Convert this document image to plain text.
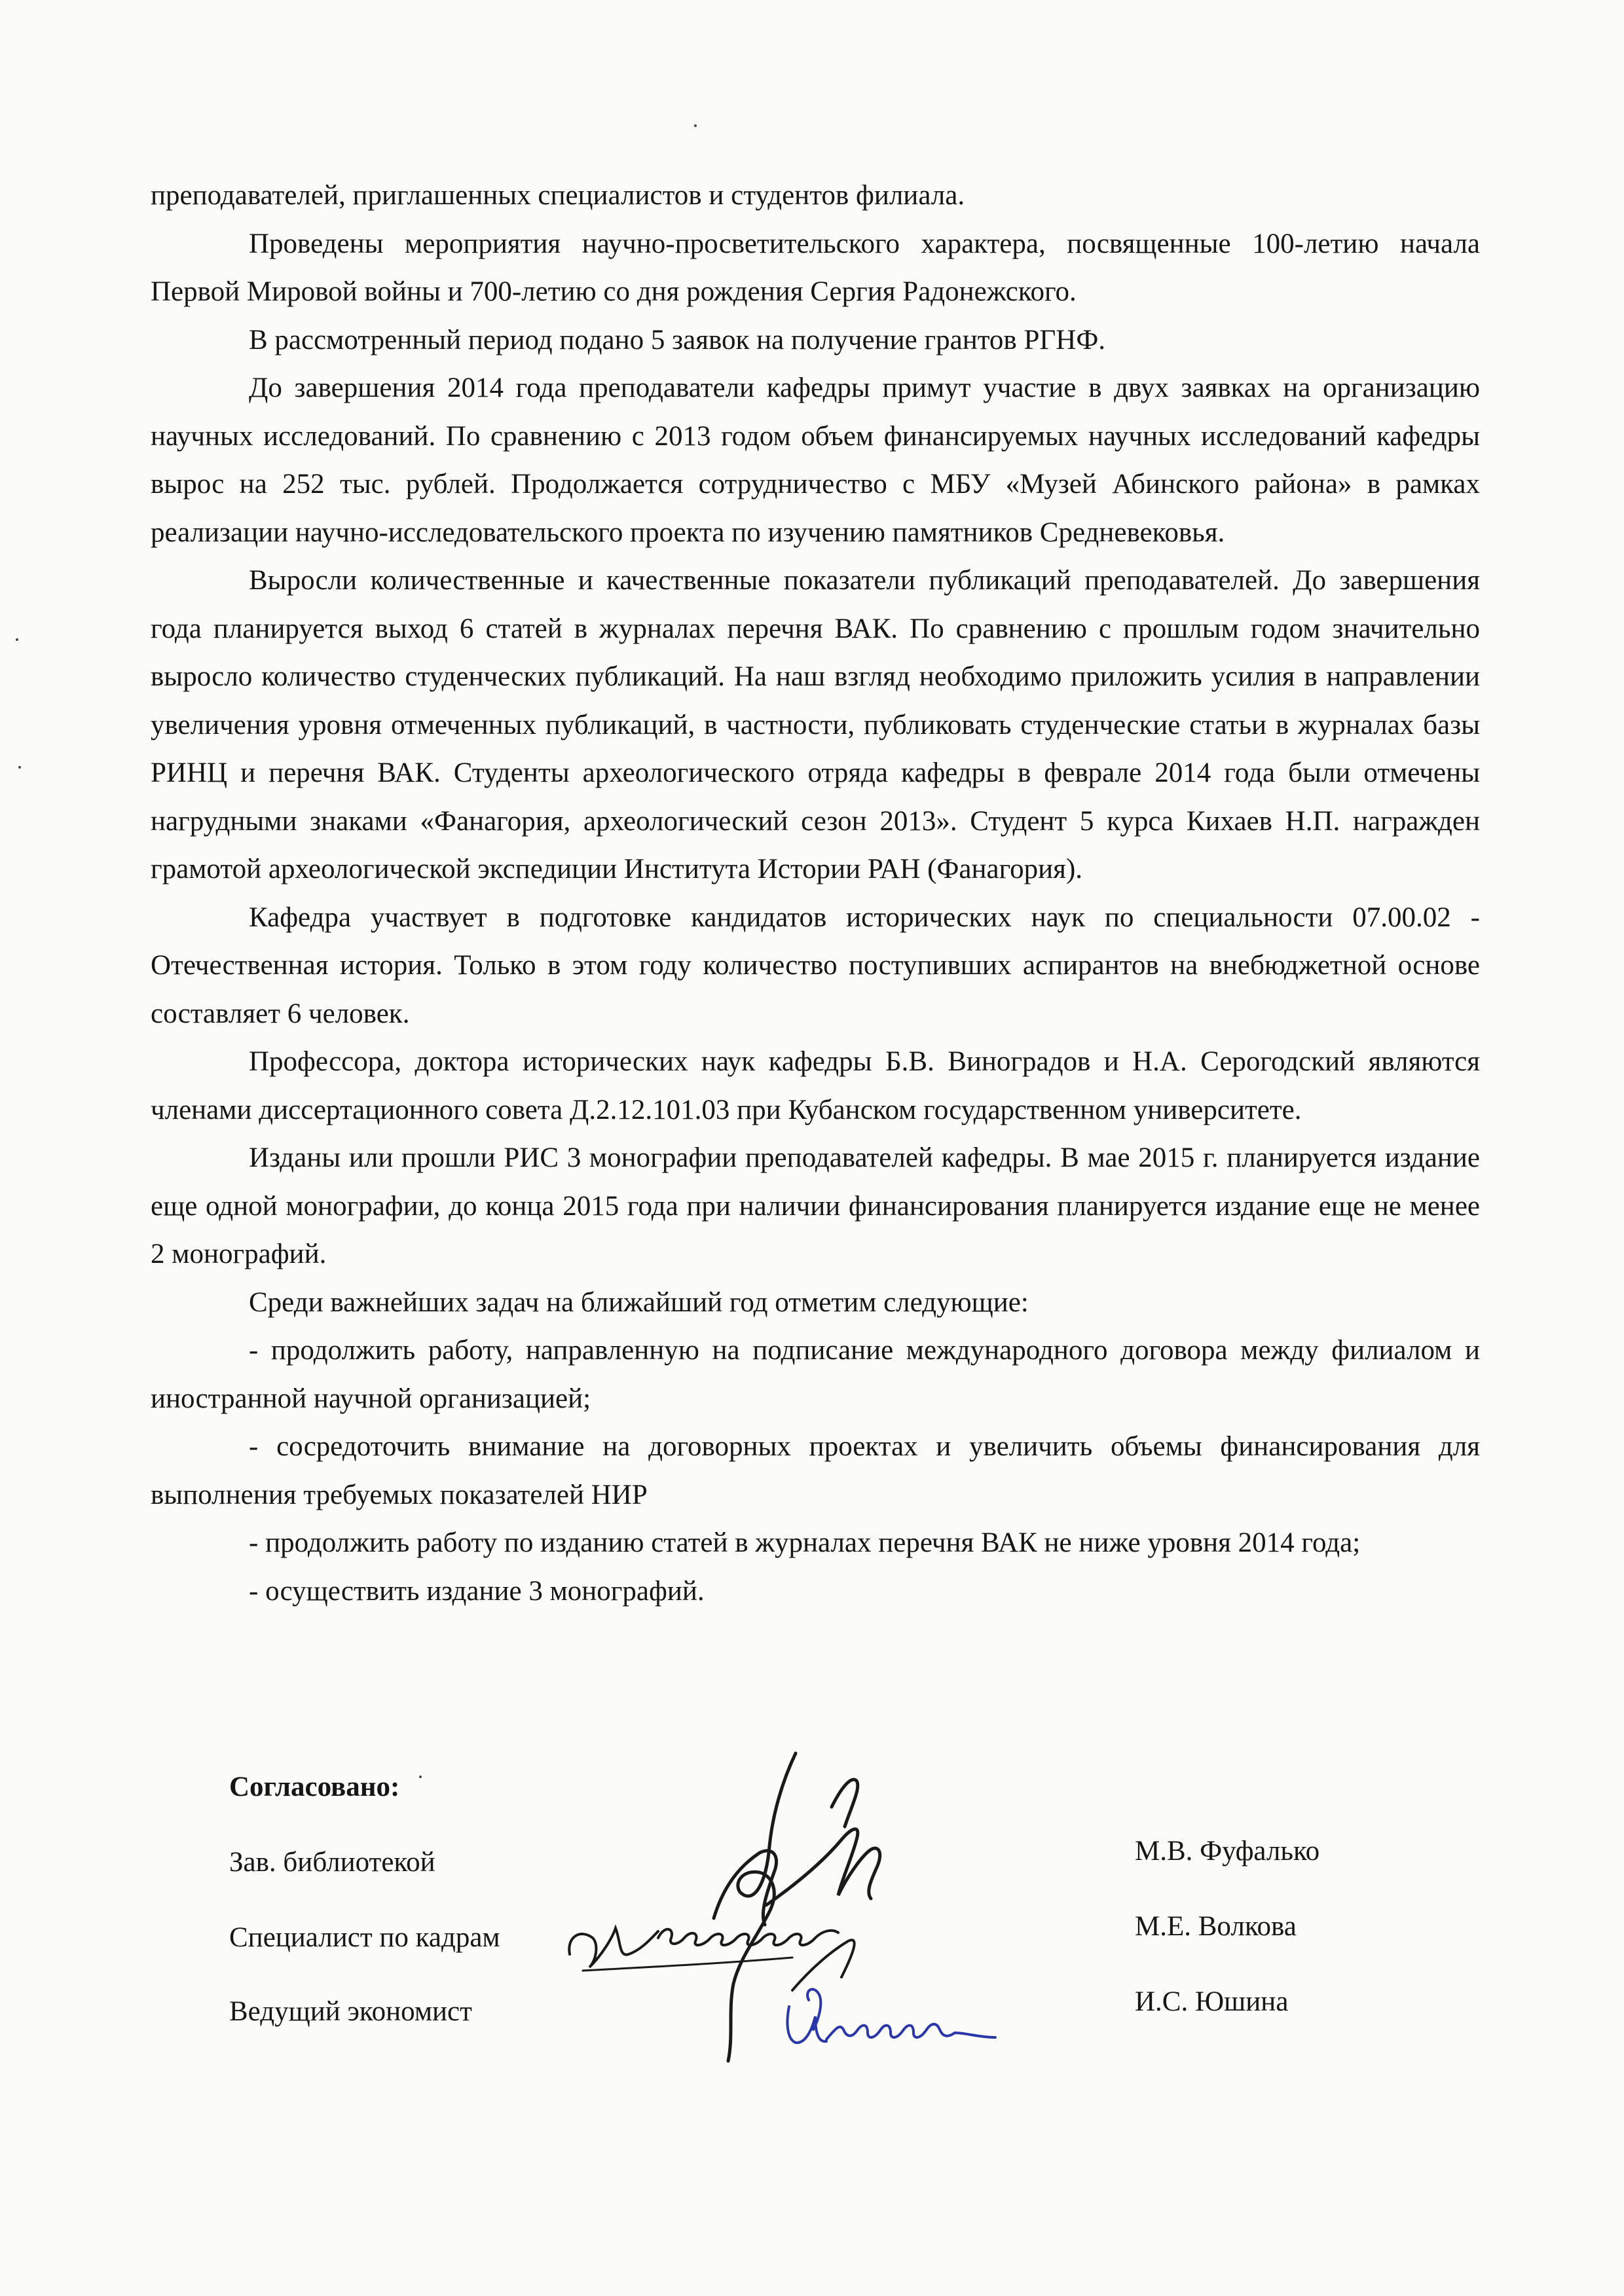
преподавателей, приглашенных специалистов и студентов филиала.

Проведены мероприятия научно-просветительского характера, посвященные 100-летию начала Первой Мировой войны и 700-летию со дня рождения Сергия Радонежского.

В рассмотренный период подано 5 заявок на получение грантов РГНФ.

До завершения 2014 года преподаватели кафедры примут участие в двух заявках на организацию научных исследований. По сравнению с 2013 годом объем финансируемых научных исследований кафедры вырос на 252 тыс. рублей. Продолжается сотрудничество с МБУ «Музей Абинского района» в рамках реализации научно-исследовательского проекта по изучению памятников Средневековья.

Выросли количественные и качественные показатели публикаций преподавателей. До завершения года планируется выход 6 статей в журналах перечня ВАК. По сравнению с прошлым годом значительно выросло количество студенческих публикаций. На наш взгляд необходимо приложить усилия в направлении увеличения уровня отмеченных публикаций, в частности, публиковать студенческие статьи в журналах базы РИНЦ и перечня ВАК. Студенты археологического отряда кафедры в феврале 2014 года были отмечены нагрудными знаками «Фанагория, археологический сезон 2013». Студент 5 курса Кихаев Н.П. награжден грамотой археологической экспедиции Института Истории РАН (Фанагория).

Кафедра участвует в подготовке кандидатов исторических наук по специальности 07.00.02 - Отечественная история. Только в этом году количество поступивших аспирантов на внебюджетной основе составляет 6 человек.

Профессора, доктора исторических наук кафедры Б.В. Виноградов и Н.А. Серогодский являются членами диссертационного совета Д.2.12.101.03 при Кубанском государственном университете.

Изданы или прошли РИС 3 монографии преподавателей кафедры. В мае 2015 г. планируется издание еще одной монографии, до конца 2015 года при наличии финансирования планируется издание еще не менее 2 монографий.

Среди важнейших задач на ближайший год отметим следующие:

- продолжить работу, направленную на подписание международного договора между филиалом и иностранной научной организацией;

- сосредоточить внимание на договорных проектах и увеличить объемы финансирования для выполнения требуемых показателей НИР

- продолжить работу по изданию статей в журналах перечня ВАК не ниже уровня 2014 года;

- осуществить издание 3 монографий.

Согласовано:
Зав. библиотекой	М.В. Фуфалько
Специалист по кадрам	М.Е. Волкова
Ведущий экономист	И.С. Юшина
